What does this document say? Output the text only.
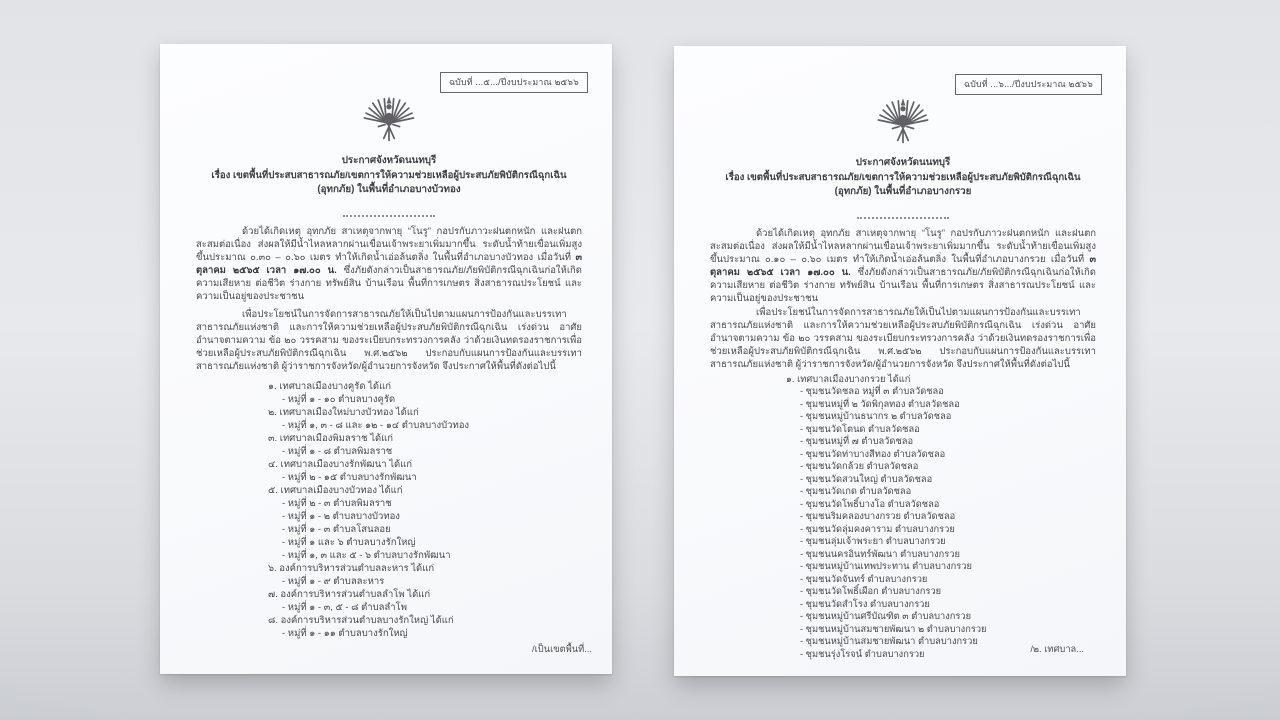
ฉบับที่ ...๕.../ปีงบประมาณ ๒๕๖๖
ประกาศจังหวัดนนทบุรี
เรื่อง เขตพื้นที่ประสบสาธารณภัย/เขตการให้ความช่วยเหลือผู้ประสบภัยพิบัติกรณีฉุกเฉิน
(อุทกภัย) ในพื้นที่อำเภอบางบัวทอง

ด้วยได้เกิดเหตุ อุทกภัย สาเหตุจากพายุ “โนรู” กอปรกับภาวะฝนตกหนัก และฝนตกสะสมต่อเนื่อง ส่งผลให้มีน้ำไหลหลากผ่านเขื่อนเจ้าพระยาเพิ่มมากขึ้น ระดับน้ำท้ายเขื่อนเพิ่มสูงขึ้นประมาณ ๐.๓๐ – ๐.๖๐ เมตร ทำให้เกิดน้ำเอ่อล้นตลิ่ง ในพื้นที่อำเภอบางบัวทอง เมื่อวันที่ ๓ ตุลาคม ๒๕๖๕ เวลา ๑๗.๐๐ น. ซึ่งภัยดังกล่าวเป็นสาธารณภัย/ภัยพิบัติกรณีฉุกเฉินก่อให้เกิดความเสียหาย ต่อชีวิต ร่างกาย ทรัพย์สิน บ้านเรือน พื้นที่การเกษตร สิ่งสาธารณประโยชน์ และความเป็นอยู่ของประชาชน

เพื่อประโยชน์ในการจัดการสาธารณภัยให้เป็นไปตามแผนการป้องกันและบรรเทาสาธารณภัยแห่งชาติ และการให้ความช่วยเหลือผู้ประสบภัยพิบัติกรณีฉุกเฉิน เร่งด่วน อาศัยอำนาจตามความ ข้อ ๒๐ วรรคสาม ของระเบียบกระทรวงการคลัง ว่าด้วยเงินทดรองราชการเพื่อช่วยเหลือผู้ประสบภัยพิบัติกรณีฉุกเฉิน พ.ศ.๒๕๖๒ ประกอบกับแผนการป้องกันและบรรเทาสาธารณภัยแห่งชาติ ผู้ว่าราชการจังหวัด/ผู้อำนวยการจังหวัด จึงประกาศให้พื้นที่ดังต่อไปนี้

๑. เทศบาลเมืองบางคูรัด ได้แก่
- หมู่ที่ ๑ - ๑๐ ตำบลบางคูรัด
๒. เทศบาลเมืองใหม่บางบัวทอง ได้แก่
- หมู่ที่ ๑, ๓ - ๘ และ ๑๒ - ๑๔ ตำบลบางบัวทอง
๓. เทศบาลเมืองพิมลราช ได้แก่
- หมู่ที่ ๑ - ๘ ตำบลพิมลราช
๔. เทศบาลเมืองบางรักพัฒนา ได้แก่
- หมู่ที่ ๒ - ๑๕ ตำบลบางรักพัฒนา
๕. เทศบาลเมืองบางบัวทอง ได้แก่
- หมู่ที่ ๒ - ๓ ตำบลพิมลราช
- หมู่ที่ ๑ - ๒ ตำบลบางบัวทอง
- หมู่ที่ ๑ - ๓ ตำบลโสนลอย
- หมู่ที่ ๑ และ ๖ ตำบลบางรักใหญ่
- หมู่ที่ ๑, ๓ และ ๕ - ๖ ตำบลบางรักพัฒนา
๖. องค์การบริหารส่วนตำบลละหาร ได้แก่
- หมู่ที่ ๑ - ๙ ตำบลละหาร
๗. องค์การบริหารส่วนตำบลลำโพ ได้แก่
- หมู่ที่ ๑ - ๓, ๕ - ๘ ตำบลลำโพ
๘. องค์การบริหารส่วนตำบลบางรักใหญ่ ได้แก่
- หมู่ที่ ๑ - ๑๑ ตำบลบางรักใหญ่
/เป็นเขตพื้นที่...
ฉบับที่ ...๖.../ปีงบประมาณ ๒๕๖๖
ประกาศจังหวัดนนทบุรี
เรื่อง เขตพื้นที่ประสบสาธารณภัย/เขตการให้ความช่วยเหลือผู้ประสบภัยพิบัติกรณีฉุกเฉิน
(อุทกภัย) ในพื้นที่อำเภอบางกรวย

ด้วยได้เกิดเหตุ อุทกภัย สาเหตุจากพายุ “โนรู” กอปรกับภาวะฝนตกหนัก และฝนตกสะสมต่อเนื่อง ส่งผลให้มีน้ำไหลหลากผ่านเขื่อนเจ้าพระยาเพิ่มมากขึ้น ระดับน้ำท้ายเขื่อนเพิ่มสูงขึ้นประมาณ ๐.๑๐ – ๐.๖๐ เมตร ทำให้เกิดน้ำเอ่อล้นตลิ่ง ในพื้นที่อำเภอบางกรวย เมื่อวันที่ ๓ ตุลาคม ๒๕๖๕ เวลา ๑๗.๐๐ น. ซึ่งภัยดังกล่าวเป็นสาธารณภัย/ภัยพิบัติกรณีฉุกเฉินก่อให้เกิดความเสียหาย ต่อชีวิต ร่างกาย ทรัพย์สิน บ้านเรือน พื้นที่การเกษตร สิ่งสาธารณประโยชน์ และความเป็นอยู่ของประชาชน

เพื่อประโยชน์ในการจัดการสาธารณภัยให้เป็นไปตามแผนการป้องกันและบรรเทาสาธารณภัยแห่งชาติ และการให้ความช่วยเหลือผู้ประสบภัยพิบัติกรณีฉุกเฉิน เร่งด่วน อาศัยอำนาจตามความ ข้อ ๒๐ วรรคสาม ของระเบียบกระทรวงการคลัง ว่าด้วยเงินทดรองราชการเพื่อช่วยเหลือผู้ประสบภัยพิบัติกรณีฉุกเฉิน พ.ศ.๒๕๖๒ ประกอบกับแผนการป้องกันและบรรเทาสาธารณภัยแห่งชาติ ผู้ว่าราชการจังหวัด/ผู้อำนวยการจังหวัด จึงประกาศให้พื้นที่ดังต่อไปนี้

๑. เทศบาลเมืองบางกรวย ได้แก่
- ชุมชนวัดชลอ หมู่ที่ ๓ ตำบลวัดชลอ
- ชุมชนหมู่ที่ ๒ วัดพิกุลทอง ตำบลวัดชลอ
- ชุมชนหมู่บ้านธนากร ๒ ตำบลวัดชลอ
- ชุมชนวัดโตนด ตำบลวัดชลอ
- ชุมชนหมู่ที่ ๗ ตำบลวัดชลอ
- ชุมชนวัดท่าบางสีทอง ตำบลวัดชลอ
- ชุมชนวัดกล้วย ตำบลวัดชลอ
- ชุมชนวัดสวนใหญ่ ตำบลวัดชลอ
- ชุมชนวัดเกด ตำบลวัดชลอ
- ชุมชนวัดโพธิ์บางโอ ตำบลวัดชลอ
- ชุมชนริมคลองบางกรวย ตำบลวัดชลอ
- ชุมชนวัดลุ่มคงคาราม ตำบลบางกรวย
- ชุมชนลุ่มเจ้าพระยา ตำบลบางกรวย
- ชุมชนนครอินทร์พัฒนา ตำบลบางกรวย
- ชุมชนหมู่บ้านเทพประทาน ตำบลบางกรวย
- ชุมชนวัดจันทร์ ตำบลบางกรวย
- ชุมชนวัดโพธิ์เผือก ตำบลบางกรวย
- ชุมชนวัดสำโรง ตำบลบางกรวย
- ชุมชนหมู่บ้านศรีบัณฑิต ๓ ตำบลบางกรวย
- ชุมชนหมู่บ้านสมชายพัฒนา ๒ ตำบลบางกรวย
- ชุมชนหมู่บ้านสมชายพัฒนา ตำบลบางกรวย
- ชุมชนรุ่งโรจน์ ตำบลบางกรวย	/๒. เทศบาล...
